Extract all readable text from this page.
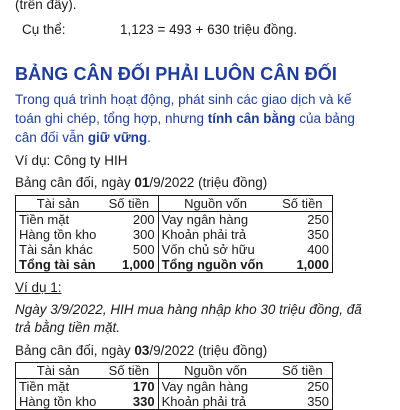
(trên đây).
Cụ thể:	1,123 = 493 + 630 triệu đồng.
BẢNG CÂN ĐỐI PHẢI LUÔN CÂN ĐỐI
Trong quá trình hoạt động, phát sinh các giao dịch và kế
toán ghi chép, tổng hợp, nhưng tính cân bằng của bảng
cân đối vẫn giữ vững.
Ví dụ: Công ty HIH
Bảng cân đối, ngày 01/9/2022 (triệu đồng)
Tài sản	Số tiền	Nguồn vốn	Số tiền
Tiền mặt	200	Vay ngân hàng	250
Hàng tồn kho	300	Khoản phải trả	350
Tài sản khác	500	Vốn chủ sở hữu	400
Tổng tài sản	1,000	Tổng nguồn vốn	1,000
Ví dụ 1:
Ngày 3/9/2022, HIH mua hàng nhập kho 30 triệu đồng, đã
trả bằng tiền mặt.
Bảng cân đối, ngày 03/9/2022 (triệu đồng)
Tài sản	Số tiền	Nguồn vốn	Số tiền
Tiền mặt	170	Vay ngân hàng	250
Hàng tồn kho	330	Khoản phải trả	350
